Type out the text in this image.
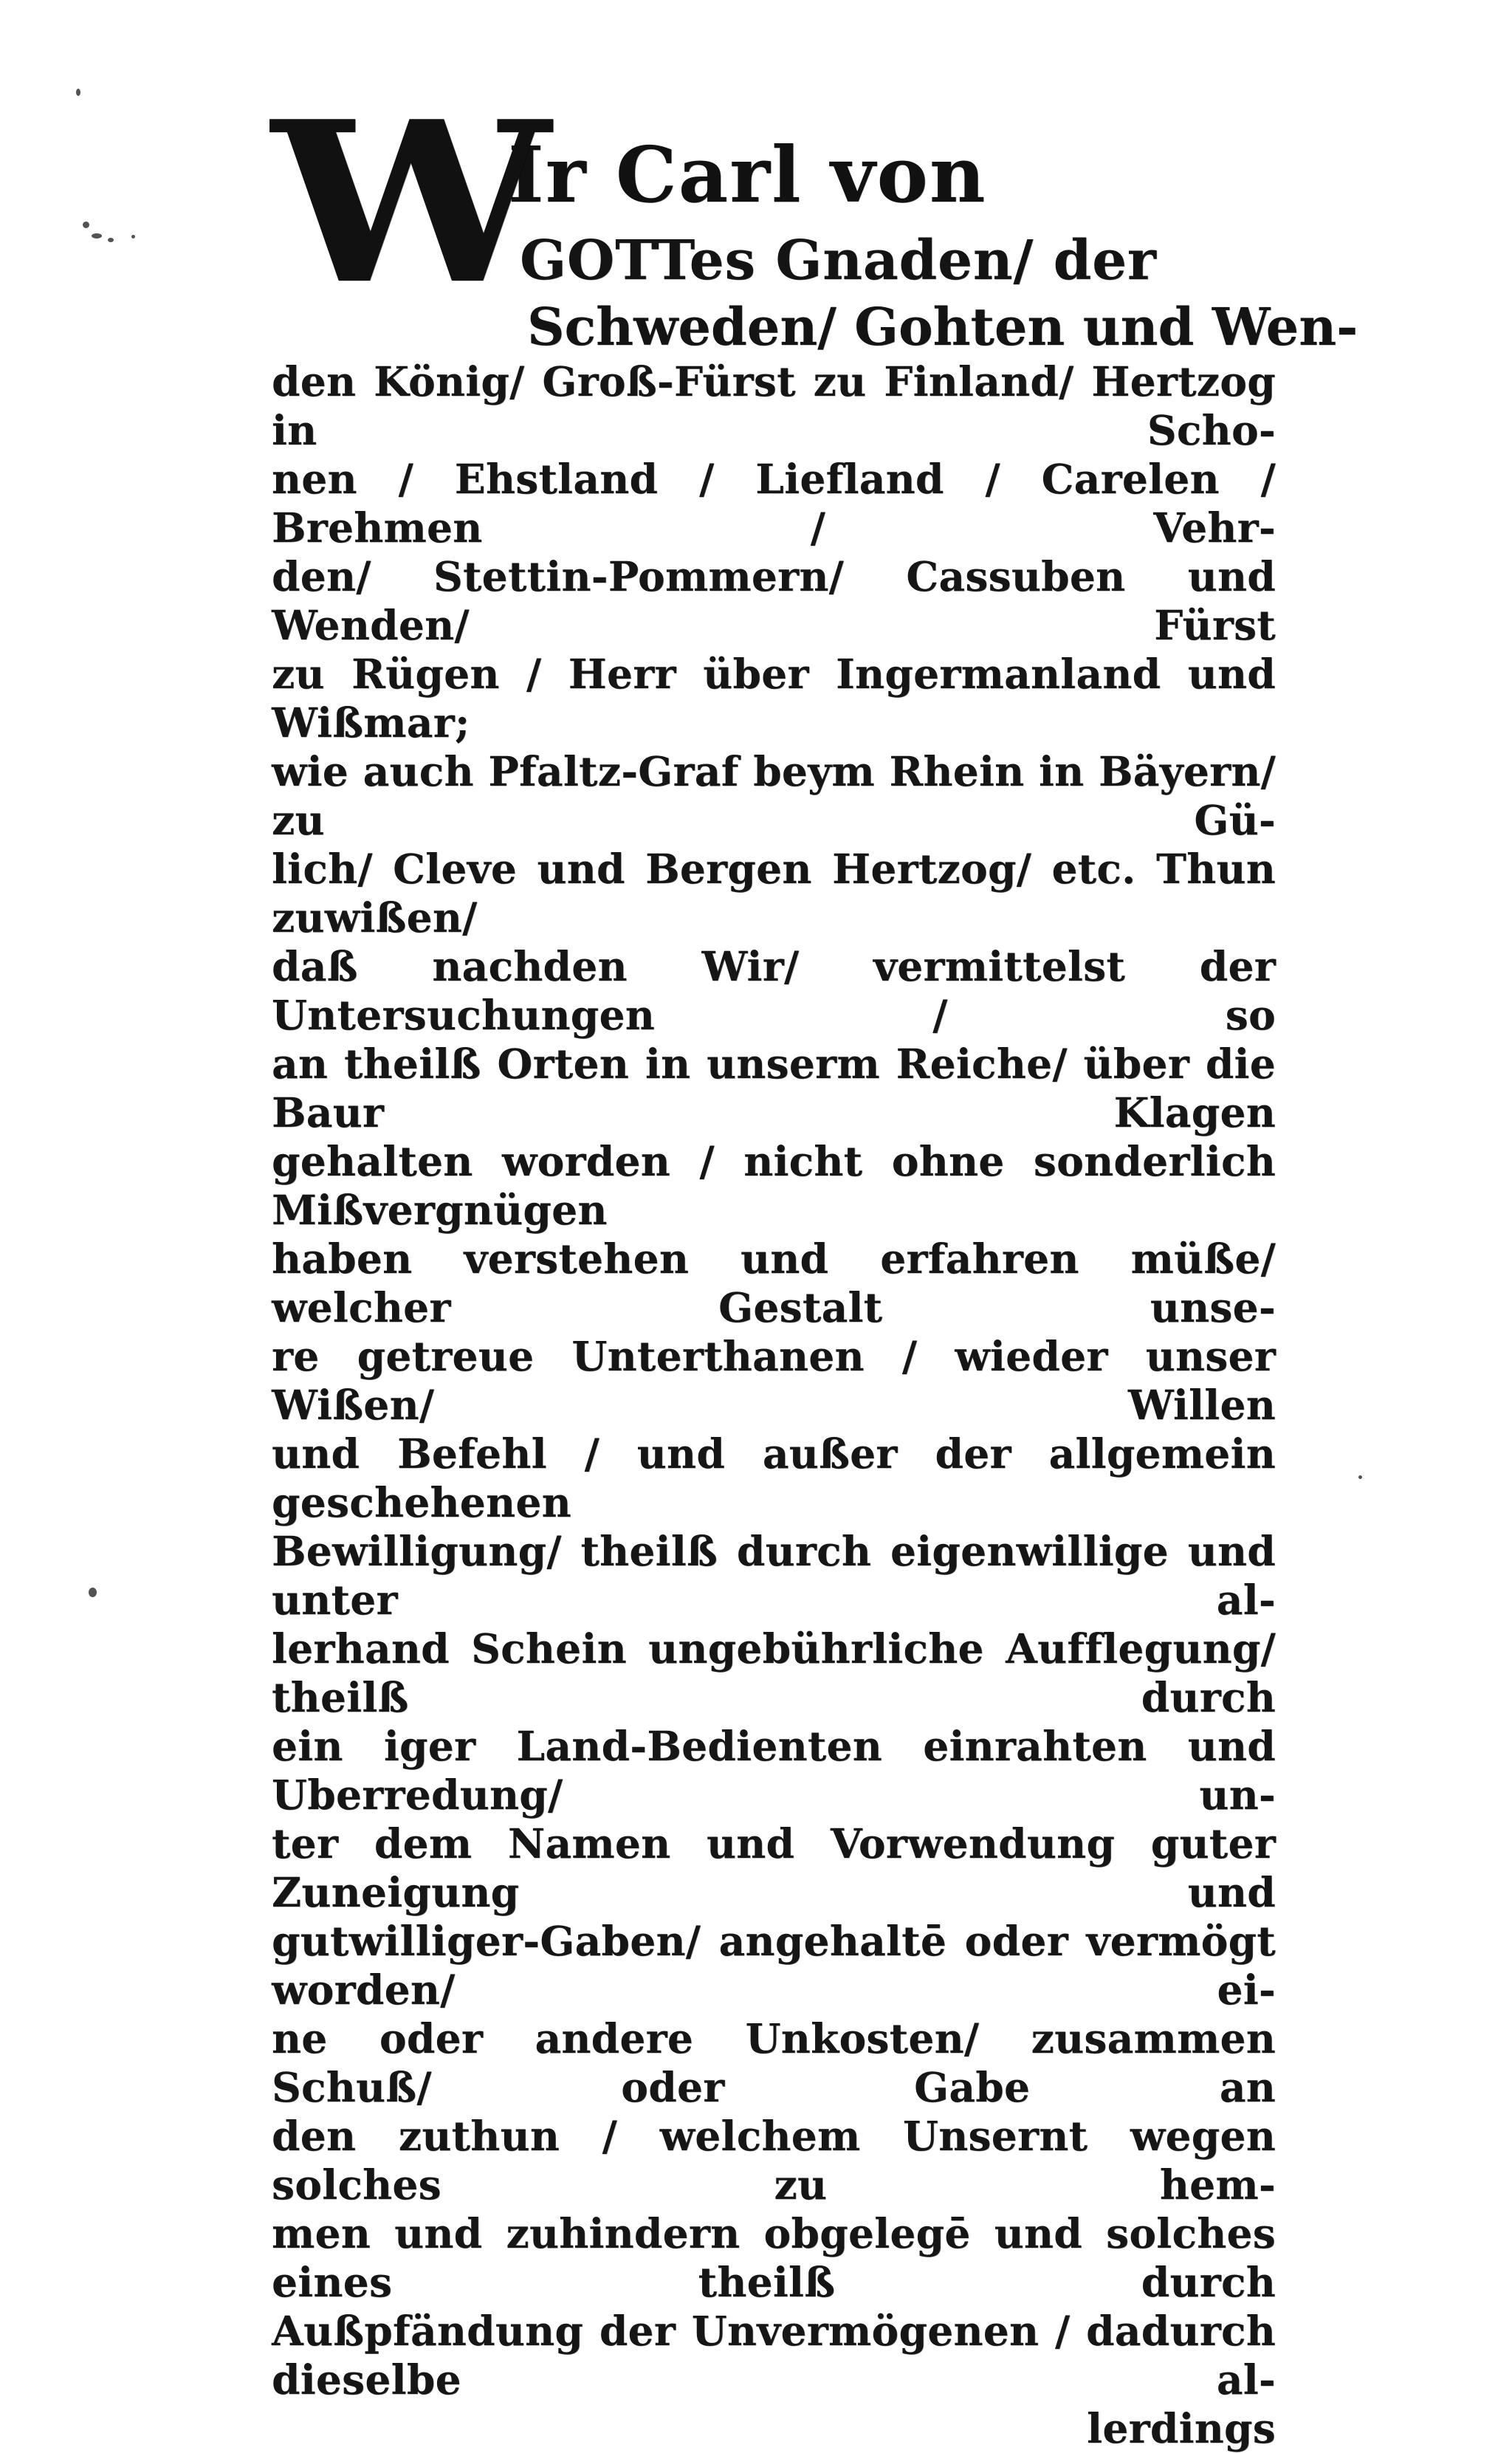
W
Ir Carl von
GOTTes Gnaden/ der
Schweden/ Gohten und Wen-
den König/ Groß-Fürst zu Finland/ Hertzog in Scho-
nen / Ehstland / Liefland / Carelen / Brehmen / Vehr-
den/ Stettin-Pommern/ Cassuben und Wenden/ Fürst
zu Rügen / Herr über Ingermanland und Wißmar;
wie auch Pfaltz-Graf beym Rhein in Bäyern/ zu Gü-
lich/ Cleve und Bergen Hertzog/ etc. Thun zuwißen/
daß nachden Wir/ vermittelst der Untersuchungen / so
an theilß Orten in unserm Reiche/ über die Baur Klagen
gehalten worden / nicht ohne sonderlich Mißvergnügen
haben verstehen und erfahren müße/ welcher Gestalt unse-
re getreue Unterthanen / wieder unser Wißen/ Willen
und Befehl / und außer der allgemein geschehenen
Bewilligung/ theilß durch eigenwillige und unter al-
lerhand Schein ungebührliche Aufflegung/ theilß durch
ein iger Land-Bedienten einrahten und Uberredung/ un-
ter dem Namen und Vorwendung guter Zuneigung und
gutwilliger-Gaben/ angehaltē oder vermögt worden/ ei-
ne oder andere Unkosten/ zusammen Schuß/ oder Gabe an
den zuthun / welchem Unsernt wegen solches zu hem-
men und zuhindern obgelegē und solches eines theilß durch
Außpfändung der Unvermögenen / dadurch dieselbe al-
lerdings
